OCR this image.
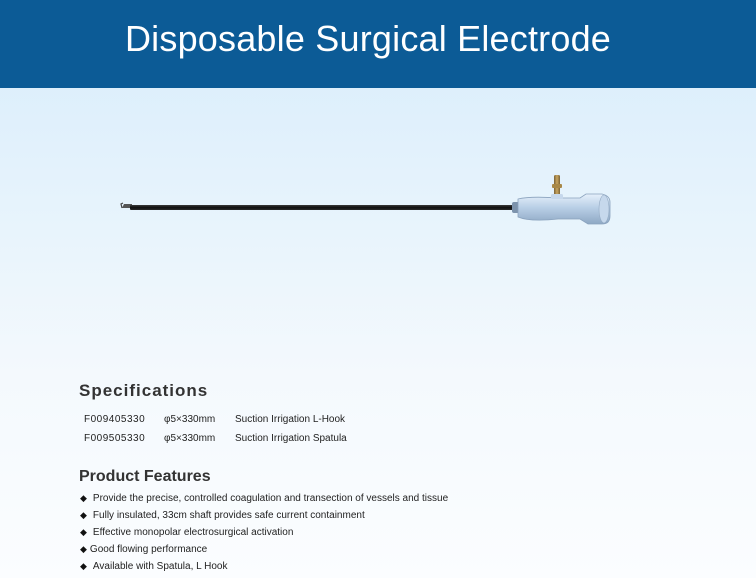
Disposable Surgical Electrode
Specifications
F009405330 φ5×330mm Suction Irrigation L-Hook
F009505330 φ5×330mm Suction Irrigation Spatula
Product Features
◆ Provide the precise, controlled coagulation and transection of vessels and tissue
◆ Fully insulated, 33cm shaft provides safe current containment
◆ Effective monopolar electrosurgical activation
◆ Good flowing performance
◆ Available with Spatula, L Hook
